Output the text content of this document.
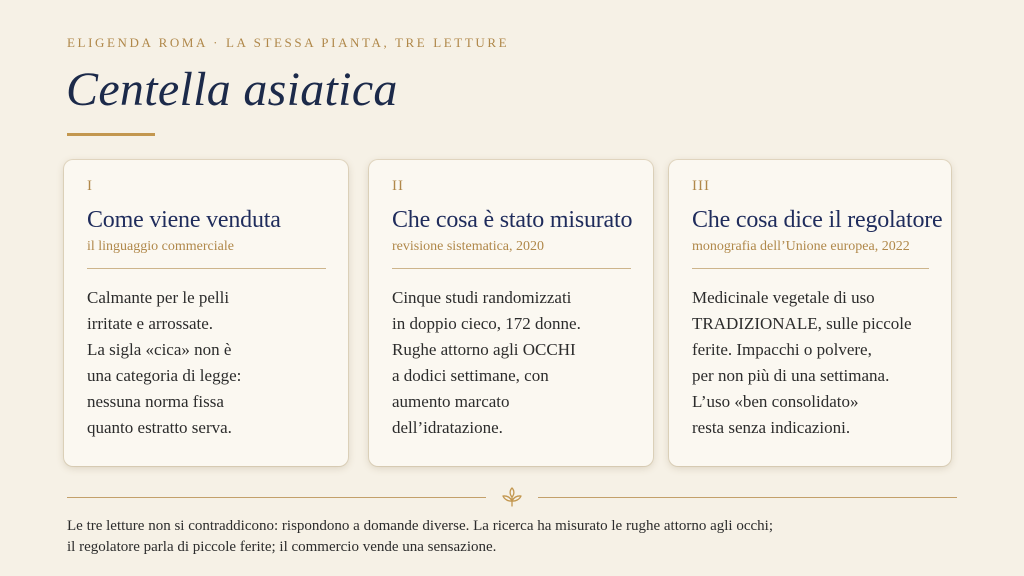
ELIGENDA ROMA · LA STESSA PIANTA, TRE LETTURE
Centella asiatica
I
Come viene venduta
il linguaggio commerciale
Calmante per le pelli
irritate e arrossate.
La sigla «cica» non è
una categoria di legge:
nessuna norma fissa
quanto estratto serva.
II
Che cosa è stato misurato
revisione sistematica, 2020
Cinque studi randomizzati
in doppio cieco, 172 donne.
Rughe attorno agli OCCHI
a dodici settimane, con
aumento marcato
dell’idratazione.
III
Che cosa dice il regolatore
monografia dell’Unione europea, 2022
Medicinale vegetale di uso
TRADIZIONALE, sulle piccole
ferite. Impacchi o polvere,
per non più di una settimana.
L’uso «ben consolidato»
resta senza indicazioni.
Le tre letture non si contraddicono: rispondono a domande diverse. La ricerca ha misurato le rughe attorno agli occhi;
il regolatore parla di piccole ferite; il commercio vende una sensazione.
